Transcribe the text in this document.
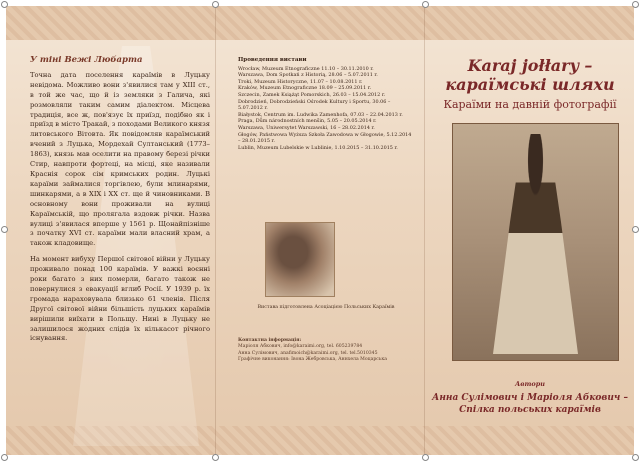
У тіні Вежі Любарта

Точна дата поселення караїмів в Луцьку невідома. Можливо вони з'явилися там у XIII ст., в той же час, що й із земляки з Галича, які розмовляли таким самим діалектом. Місцева традиція, все ж, пов'язує їх приїзд, подібно як і приїзд в місто Тракай, з походами Великого князя литовського Вітовта. Як повідомляв караїмський вчений з Луцька, Мордехай Султанський (1773–1863), князь мав оселити на правому березі річки Стир, навпроти фортеці, на місці, яке називали Краснія сорок сім кримських родин. Луцькі караїми займалися торгівлею, були млинарями, шинкарями, а в XIX і XX ст. ще й чиновниками. В основному вони проживали на вулиці Караїмській, що пролягала вздовж річки. Назва вулиці з'явилася вперше у 1561 р. Щонайпізніше з початку XVI ст. караїми мали власний храм, а також кладовище.

На момент вибуху Першої світової війни у Луцьку проживало понад 100 караїмів. У важкі воєнні роки багато з них померли, багато також не повернулися з евакуації вглиб Росії. У 1939 р. їх громада нараховувала близько 61 членів. Після Другої світової війни більшість луцьких караїмів вирішили виїхати в Польщу. Нині в Луцьку не залишилося жодних слідів їх кількасот річного існування.

Проведення вистави
Wrocław, Muzeum Etnograficzne 11.10 – 30.11.2010 r.
Warszawa, Dom Spotkań z Historią, 28.06 – 5.07.2011 r.
Troki, Muzeum Historyczne, 11.07 – 10.08.2011 r.
Kraków, Muzeum Etnograficzne 18.09 – 25.09.2011 r.
Szczecin, Zamek Książąt Pomorskich, 26.03 – 15.04.2012 r.
Dobrodzień, Dobrodzieński Ośrodek Kultury i Sportu, 30.06 – 5.07.2012 r.
Białystok, Centrum im. Ludwika Zamenhofa, 07.03 – 22.04.2013 r.
Praga, Dům národnostních menšin, 5.05 – 20.05.2014 r.
Warszawa, Uniwersytet Warszawski, 16 – 28.02.2014 r.
Głogów, Państwowa Wyższa Szkoła Zawodowa w Głogowie, 5.12.2014 – 28.01.2015 r.
Lublin, Muzeum Lubelskie w Lublinie, 1.10.2015 – 31.10.2015 r.
Вистава підготовлена Асоціацією Польських Караїмів
Контактна інформація:
Маріоля Абкович, info@karaimi.org, tel. 605239784
Анна Сулімович, anafimoich@karaimi.org, tel. tel.5010345
Графічне виконання: Івона Жебровська, Аннхела Моцарська
Karaj jołłary –
караїмські шляхи
Караїми на давній фотографії
Автори
Анна Сулімович і Маріоля Абкович –
Спілка польських караїмів
